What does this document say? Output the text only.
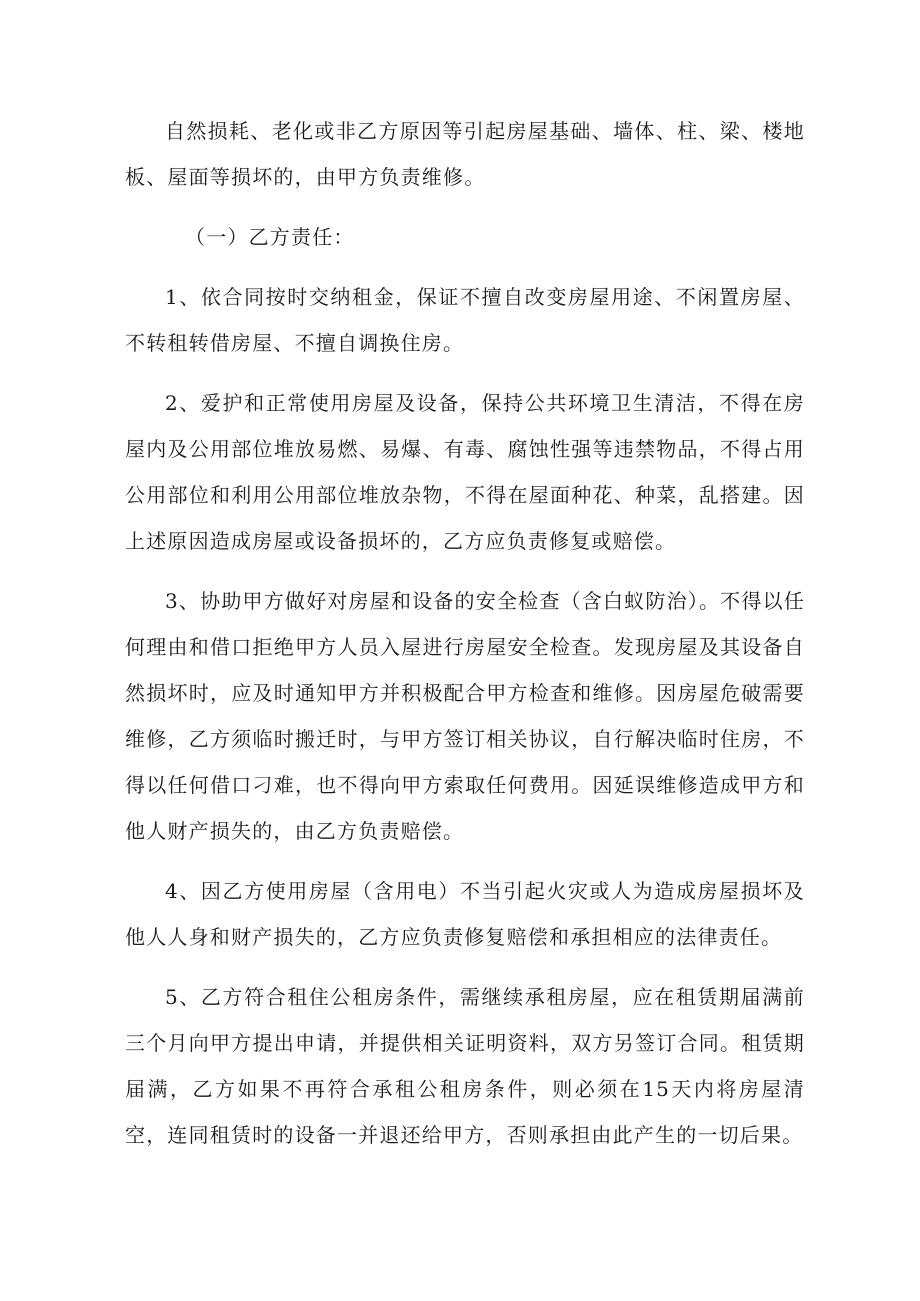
自然损耗、老化或非乙方原因等引起房屋基础、墙体、柱、梁、楼地板、屋面等损坏的，由甲方负责维修。

（一）乙方责任：

1、依合同按时交纳租金，保证不擅自改变房屋用途、不闲置房屋、不转租转借房屋、不擅自调换住房。

2、爱护和正常使用房屋及设备，保持公共环境卫生清洁，不得在房屋内及公用部位堆放易燃、易爆、有毒、腐蚀性强等违禁物品，不得占用公用部位和利用公用部位堆放杂物，不得在屋面种花、种菜，乱搭建。因上述原因造成房屋或设备损坏的，乙方应负责修复或赔偿。

3、协助甲方做好对房屋和设备的安全检查（含白蚁防治）。不得以任何理由和借口拒绝甲方人员入屋进行房屋安全检查。发现房屋及其设备自然损坏时，应及时通知甲方并积极配合甲方检查和维修。因房屋危破需要维修，乙方须临时搬迁时，与甲方签订相关协议，自行解决临时住房，不得以任何借口刁难，也不得向甲方索取任何费用。因延误维修造成甲方和他人财产损失的，由乙方负责赔偿。

4、因乙方使用房屋（含用电）不当引起火灾或人为造成房屋损坏及他人人身和财产损失的，乙方应负责修复赔偿和承担相应的法律责任。

5、乙方符合租住公租房条件，需继续承租房屋，应在租赁期届满前三个月向甲方提出申请，并提供相关证明资料，双方另签订合同。租赁期届满，乙方如果不再符合承租公租房条件，则必须在15天内将房屋清空，连同租赁时的设备一并退还给甲方，否则承担由此产生的一切后果。
